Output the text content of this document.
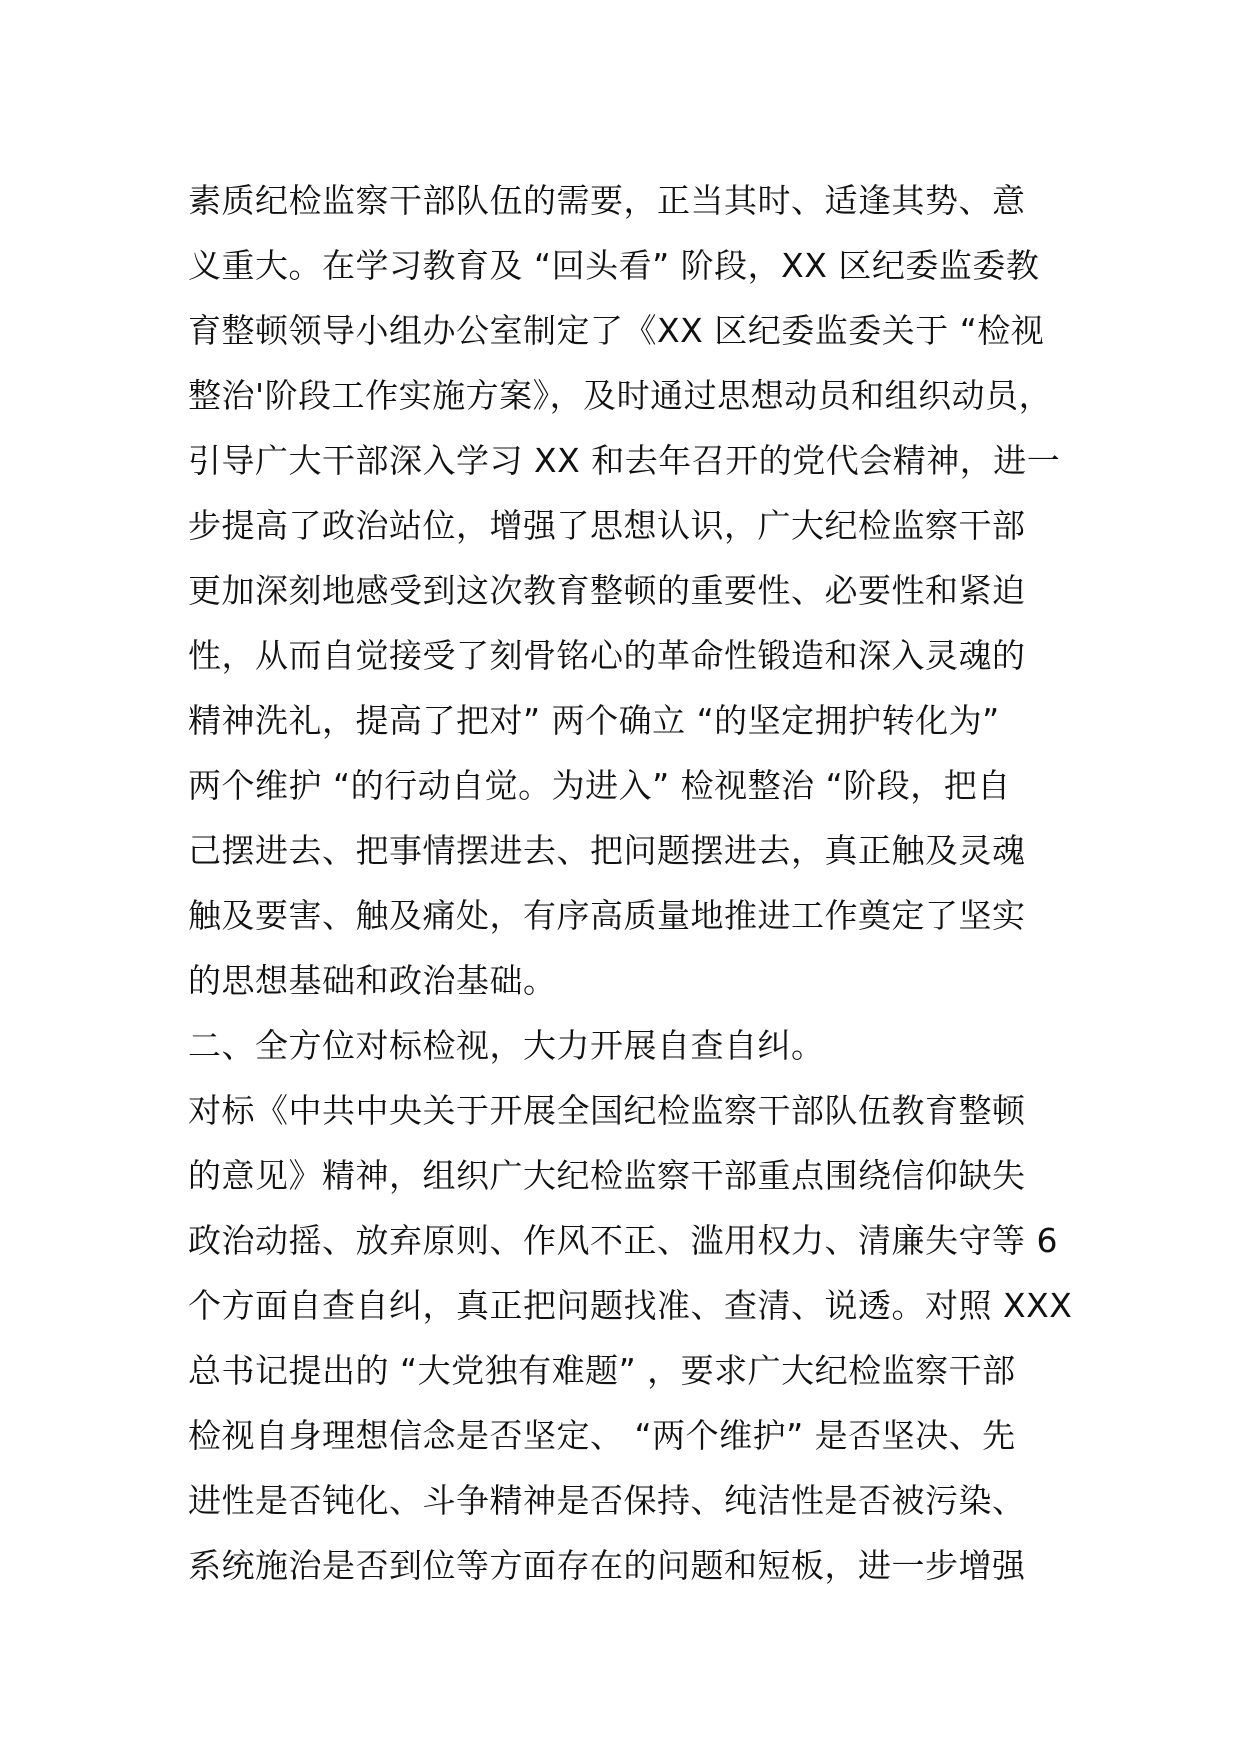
素质纪检监察干部队伍的需要，正当其时、适逢其势、意
义重大。在学习教育及 “回头看” 阶段，XX 区纪委监委教
育整顿领导小组办公室制定了《XX 区纪委监委关于 “检视
整治'阶段工作实施方案》，及时通过思想动员和组织动员，
引导广大干部深入学习 XX 和去年召开的党代会精神，进一
步提高了政治站位，增强了思想认识，广大纪检监察干部
更加深刻地感受到这次教育整顿的重要性、必要性和紧迫
性，从而自觉接受了刻骨铭心的革命性锻造和深入灵魂的
精神洗礼，提高了把对” 两个确立 “的坚定拥护转化为”
两个维护 “的行动自觉。为进入” 检视整治 “阶段，把自
己摆进去、把事情摆进去、把问题摆进去，真正触及灵魂
触及要害、触及痛处，有序高质量地推进工作奠定了坚实
的思想基础和政治基础。
二、全方位对标检视，大力开展自查自纠。
对标《中共中央关于开展全国纪检监察干部队伍教育整顿
的意见》精神，组织广大纪检监察干部重点围绕信仰缺失
政治动摇、放弃原则、作风不正、滥用权力、清廉失守等 6
个方面自查自纠，真正把问题找准、查清、说透。对照 XXX
总书记提出的 “大党独有难题” ，要求广大纪检监察干部
检视自身理想信念是否坚定、 “两个维护” 是否坚决、先
进性是否钝化、斗争精神是否保持、纯洁性是否被污染、
系统施治是否到位等方面存在的问题和短板，进一步增强
